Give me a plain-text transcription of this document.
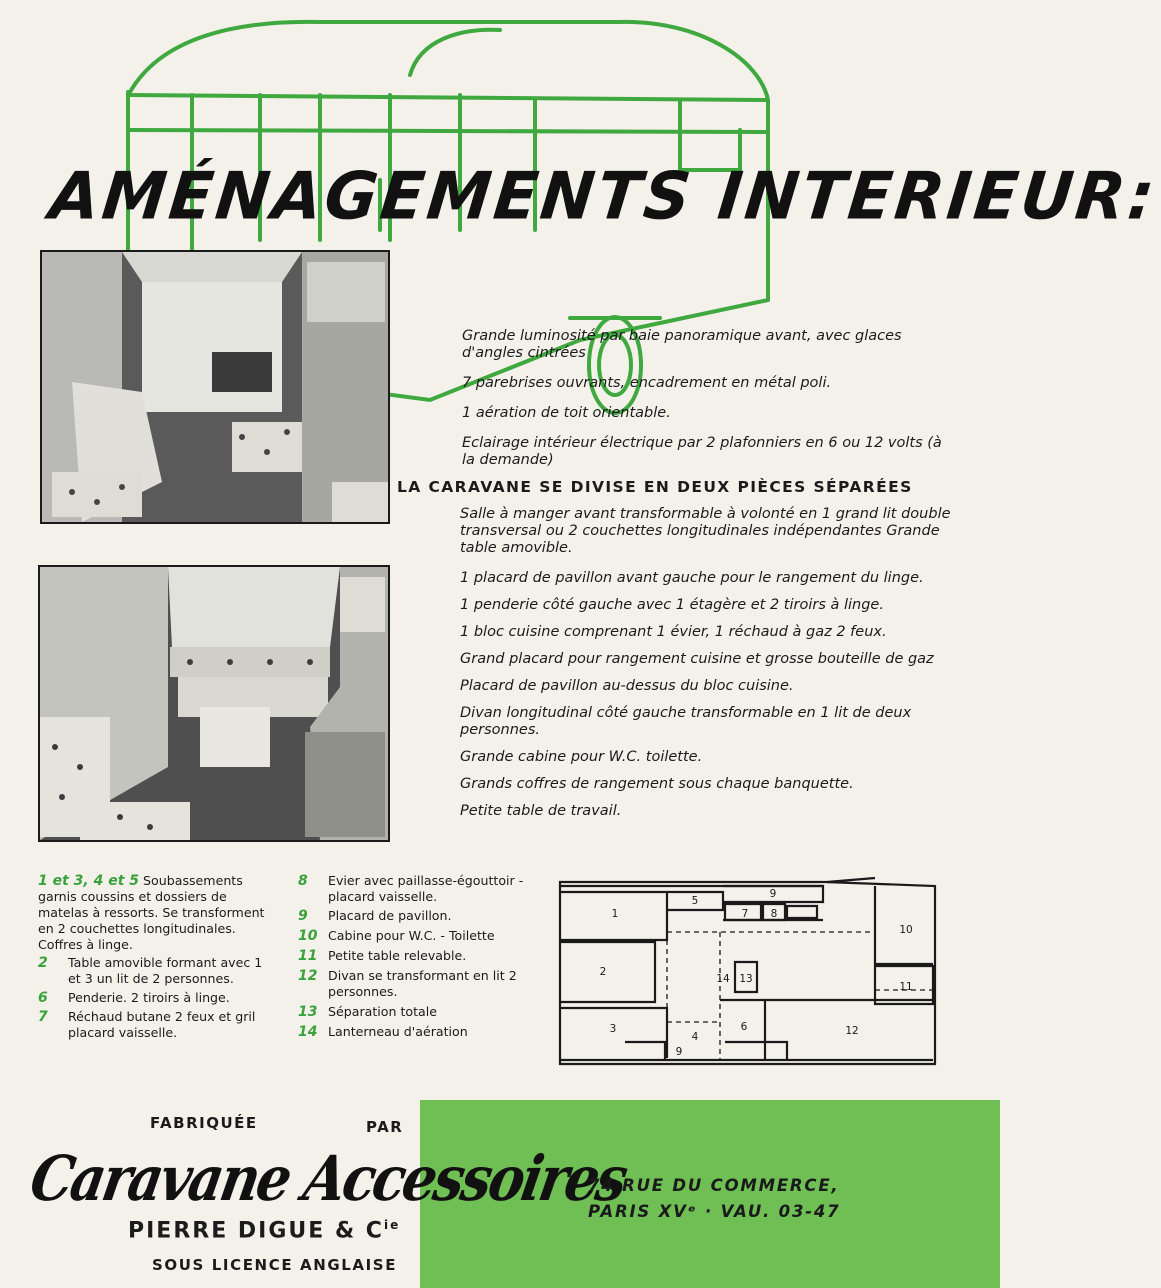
AMÉNAGEMENTS INTERIEUR:
Grande luminosité par baie panoramique avant, avec glaces d'angles cintrées
7 parebrises ouvrants, encadrement en métal poli.
1 aération de toit orientable.
Eclairage intérieur électrique par 2 plafonniers en 6 ou 12 volts (à la demande)
LA CARAVANE SE DIVISE EN DEUX PIÈCES SÉPARÉES
Salle à manger avant transformable à volonté en 1 grand lit double transversal ou 2 couchettes longitudinales indépendantes Grande table amovible.
1 placard de pavillon avant gauche pour le rangement du linge.
1 penderie côté gauche avec 1 étagère et 2 tiroirs à linge.
1 bloc cuisine comprenant 1 évier, 1 réchaud à gaz 2 feux.
Grand placard pour rangement cuisine et grosse bouteille de gaz
Placard de pavillon au-dessus du bloc cuisine.
Divan longitudinal côté gauche transformable en 1 lit de deux personnes.
Grande cabine pour W.C. toilette.
Grands coffres de rangement sous chaque banquette.
Petite table de travail.
1 et 3, 4 et 5 Soubassements garnis coussins et dossiers de matelas à ressorts. Se transforment en 2 couchettes longitudinales. Coffres à linge.
2 Table amovible formant avec 1 et 3 un lit de 2 personnes.
6 Penderie. 2 tiroirs à linge.
7 Réchaud butane 2 feux et gril placard vaisselle.
8 Evier avec paillasse-égouttoir - placard vaisselle.
9 Placard de pavillon.
10 Cabine pour W.C. - Toilette
11 Petite table relevable.
12 Divan se transformant en lit 2 personnes.
13 Séparation totale
14 Lanterneau d'aération
1
2
3
4
5
6
7 8
9
9
10
11
12
13
14
FABRIQUÉE	PAR
Caravane Accessoires
PIERRE DIGUE & $C^{ie}$
SOUS LICENCE ANGLAISE
74 RUE DU COMMERCE,
PARIS XVᵉ · VAU. 03-47
